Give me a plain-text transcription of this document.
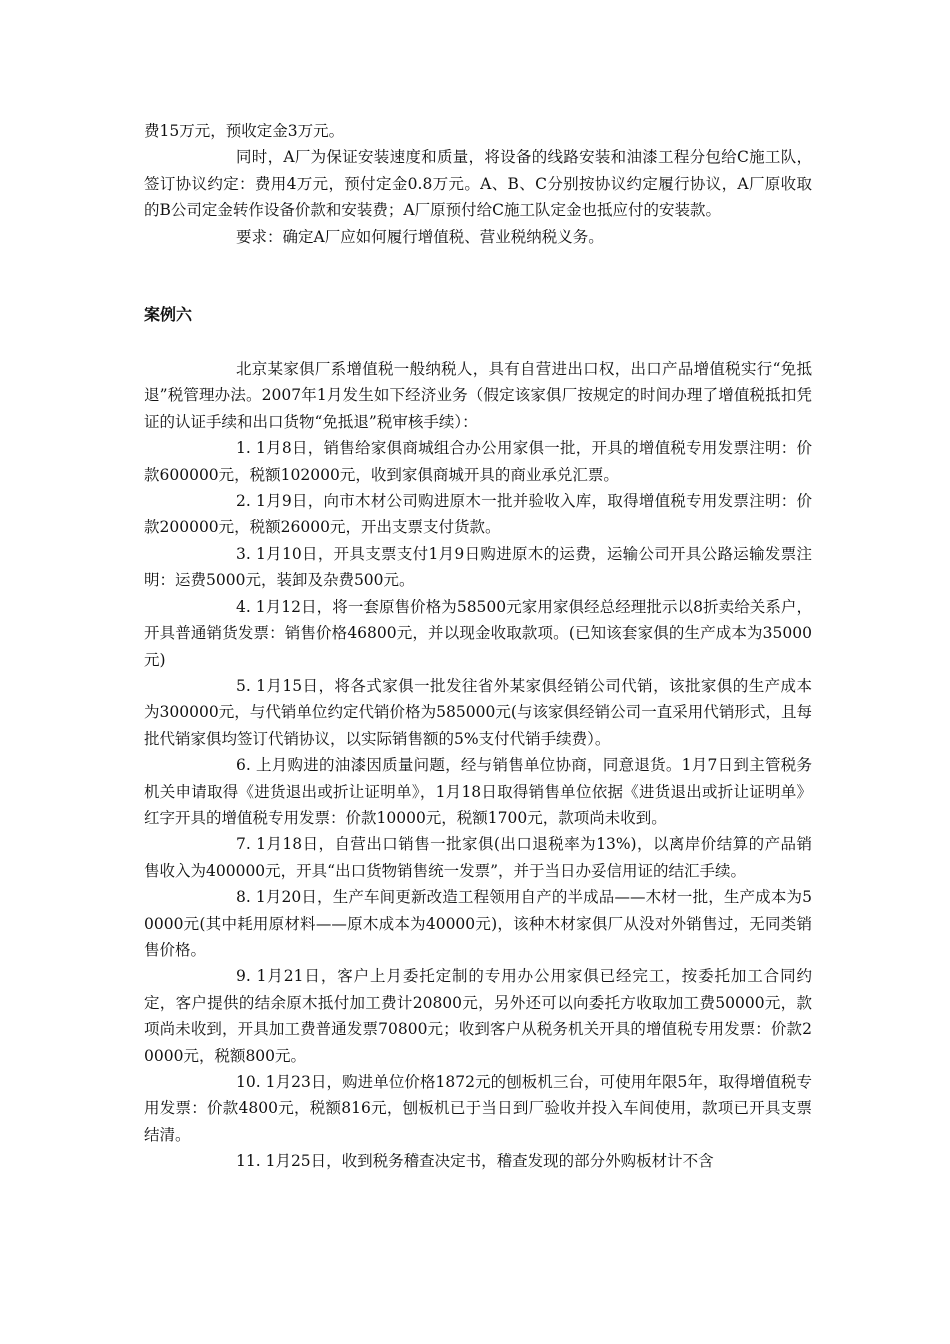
费15万元，预收定金3万元。

同时，A厂为保证安装速度和质量，将设备的线路安装和油漆工程分包给C施工队，签订协议约定：费用4万元，预付定金0.8万元。A、B、C分别按协议约定履行协议，A厂原收取的B公司定金转作设备价款和安装费；A厂原预付给C施工队定金也抵应付的安装款。

要求：确定A厂应如何履行增值税、营业税纳税义务。

案例六

北京某家俱厂系增值税一般纳税人，具有自营进出口权，出口产品增值税实行“免抵退”税管理办法。2007年1月发生如下经济业务（假定该家俱厂按规定的时间办理了增值税抵扣凭证的认证手续和出口货物“免抵退”税审核手续）：

1. 1月8日，销售给家俱商城组合办公用家俱一批，开具的增值税专用发票注明：价款600000元，税额102000元，收到家俱商城开具的商业承兑汇票。

2. 1月9日，向市木材公司购进原木一批并验收入库，取得增值税专用发票注明：价款200000元，税额26000元，开出支票支付货款。

3. 1月10日，开具支票支付1月9日购进原木的运费，运输公司开具公路运输发票注明：运费5000元，装卸及杂费500元。

4. 1月12日，将一套原售价格为58500元家用家俱经总经理批示以8折卖给关系户，开具普通销货发票：销售价格46800元，并以现金收取款项。(已知该套家俱的生产成本为35000元)

5. 1月15日，将各式家俱一批发往省外某家俱经销公司代销，该批家俱的生产成本为300000元，与代销单位约定代销价格为585000元(与该家俱经销公司一直采用代销形式，且每批代销家俱均签订代销协议，以实际销售额的5%支付代销手续费）。

6. 上月购进的油漆因质量问题，经与销售单位协商，同意退货。1月7日到主管税务机关申请取得《进货退出或折让证明单》，1月18日取得销售单位依据《进货退出或折让证明单》红字开具的增值税专用发票：价款10000元，税额1700元，款项尚未收到。

7. 1月18日，自营出口销售一批家俱(出口退税率为13%)，以离岸价结算的产品销售收入为400000元，开具“出口货物销售统一发票”，并于当日办妥信用证的结汇手续。

8. 1月20日，生产车间更新改造工程领用自产的半成品——木材一批，生产成本为50000元(其中耗用原材料——原木成本为40000元)，该种木材家俱厂从没对外销售过，无同类销售价格。

9. 1月21日，客户上月委托定制的专用办公用家俱已经完工，按委托加工合同约定，客户提供的结余原木抵付加工费计20800元，另外还可以向委托方收取加工费50000元，款项尚未收到，开具加工费普通发票70800元；收到客户从税务机关开具的增值税专用发票：价款20000元，税额800元。

10. 1月23日，购进单位价格1872元的刨板机三台，可使用年限5年，取得增值税专用发票：价款4800元，税额816元，刨板机已于当日到厂验收并投入车间使用，款项已开具支票结清。

11. 1月25日，收到税务稽查决定书，稽查发现的部分外购板材计不含
